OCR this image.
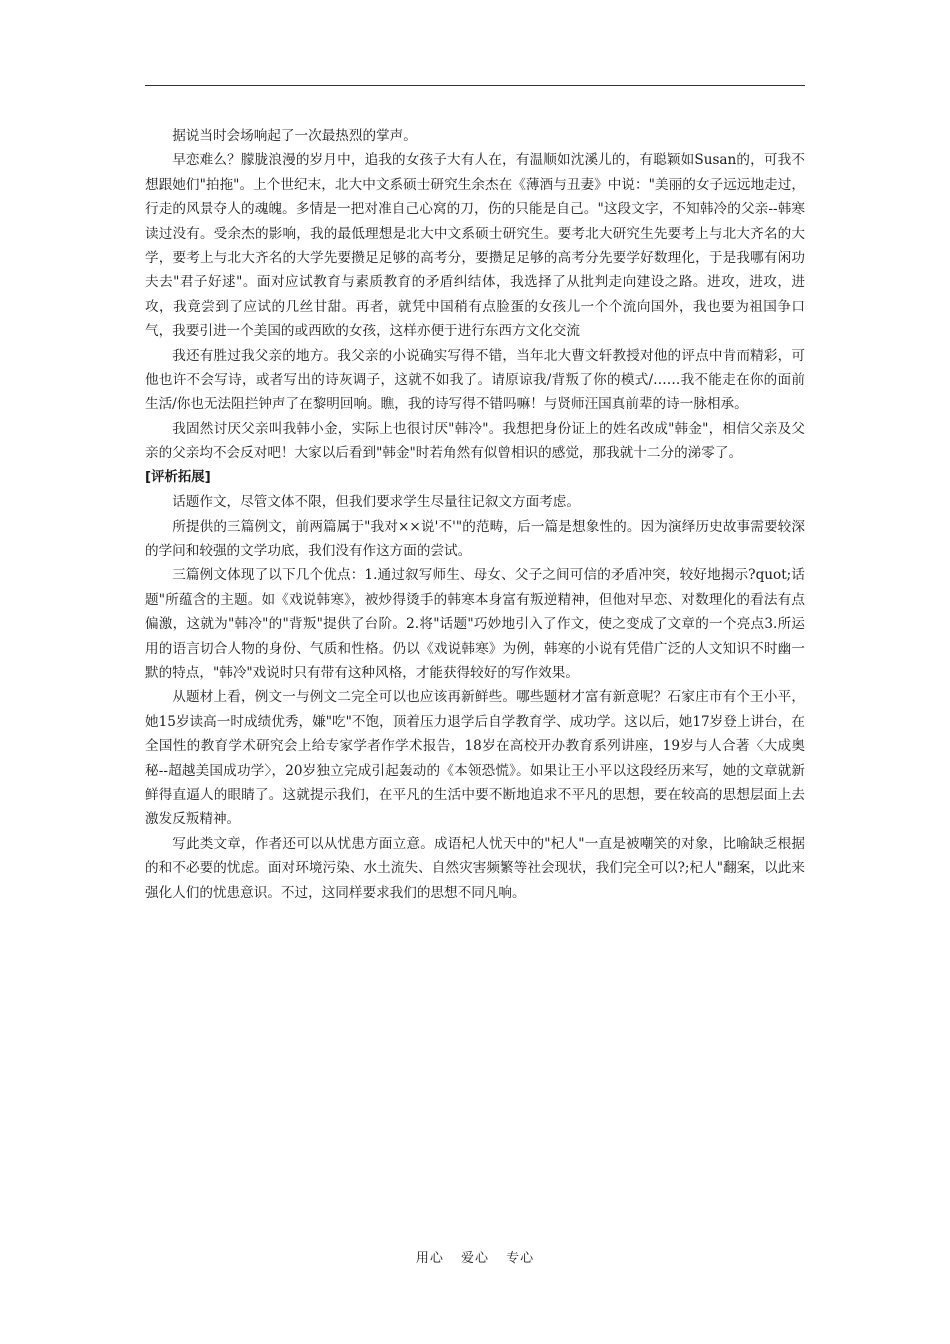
据说当时会场响起了一次最热烈的掌声。

早恋难么？朦胧浪漫的岁月中，追我的女孩子大有人在，有温顺如沈溪儿的，有聪颖如Susan的，可我不想跟她们"拍拖"。上个世纪末，北大中文系硕士研究生余杰在《薄酒与丑妻》中说："美丽的女子远远地走过，行走的风景夺人的魂魄。多情是一把对准自己心窝的刀，伤的只能是自己。"这段文字，不知韩冷的父亲--韩寒读过没有。受余杰的影响，我的最低理想是北大中文系硕士研究生。要考北大研究生先要考上与北大齐名的大学，要考上与北大齐名的大学先要攒足足够的高考分，要攒足足够的高考分先要学好数理化，于是我哪有闲功夫去"君子好逑"。面对应试教育与素质教育的矛盾纠结体，我选择了从批判走向建设之路。进攻，进攻，进攻，我竟尝到了应试的几丝甘甜。再者，就凭中国稍有点脸蛋的女孩儿一个个流向国外，我也要为祖国争口气，我要引进一个美国的或西欧的女孩，这样亦便于进行东西方文化交流

我还有胜过我父亲的地方。我父亲的小说确实写得不错，当年北大曹文轩教授对他的评点中肯而精彩，可他也许不会写诗，或者写出的诗灰调子，这就不如我了。请原谅我/背叛了你的模式/……我不能走在你的面前生活/你也无法阻拦钟声了在黎明回响。瞧，我的诗写得不错吗嘛！与贤师汪国真前辈的诗一脉相承。

我固然讨厌父亲叫我韩小金，实际上也很讨厌"韩冷"。我想把身份证上的姓名改成"韩金"，相信父亲及父亲的父亲均不会反对吧！大家以后看到"韩金"时若角然有似曾相识的感觉，那我就十二分的涕零了。

[评析拓展]

话题作文，尽管文体不限，但我们要求学生尽量往记叙文方面考虑。

所提供的三篇例文，前两篇属于"我对××说'不'"的范畴，后一篇是想象性的。因为演绎历史故事需要较深的学问和较强的文学功底，我们没有作这方面的尝试。

三篇例文体现了以下几个优点：1.通过叙写师生、母女、父子之间可信的矛盾冲突，较好地揭示?quot;话题"所蕴含的主题。如《戏说韩寒》，被炒得烫手的韩寒本身富有叛逆精神，但他对早恋、对数理化的看法有点偏激，这就为"韩冷"的"背叛"提供了台阶。2.将"话题"巧妙地引入了作文，使之变成了文章的一个亮点3.所运用的语言切合人物的身份、气质和性格。仍以《戏说韩寒》为例，韩寒的小说有凭借广泛的人文知识不时幽一默的特点，"韩冷"戏说时只有带有这种风格，才能获得较好的写作效果。

从题材上看，例文一与例文二完全可以也应该再新鲜些。哪些题材才富有新意呢？石家庄市有个王小平，她15岁读高一时成绩优秀，嫌"吃"不饱，顶着压力退学后自学教育学、成功学。这以后，她17岁登上讲台，在全国性的教育学术研究会上给专家学者作学术报告，18岁在高校开办教育系列讲座，19岁与人合著〈大成奥秘--超越美国成功学〉，20岁独立完成引起轰动的《本领恐慌》。如果让王小平以这段经历来写，她的文章就新鲜得直逼人的眼睛了。这就提示我们，在平凡的生活中要不断地追求不平凡的思想，要在较高的思想层面上去激发反叛精神。

写此类文章，作者还可以从忧患方面立意。成语杞人忧天中的"杞人"一直是被嘲笑的对象，比喻缺乏根据的和不必要的忧虑。面对环境污染、水土流失、自然灾害频繁等社会现状，我们完全可以?;杞人"翻案，以此来强化人们的忧患意识。不过，这同样要求我们的思想不同凡响。

用心 爱心 专心
